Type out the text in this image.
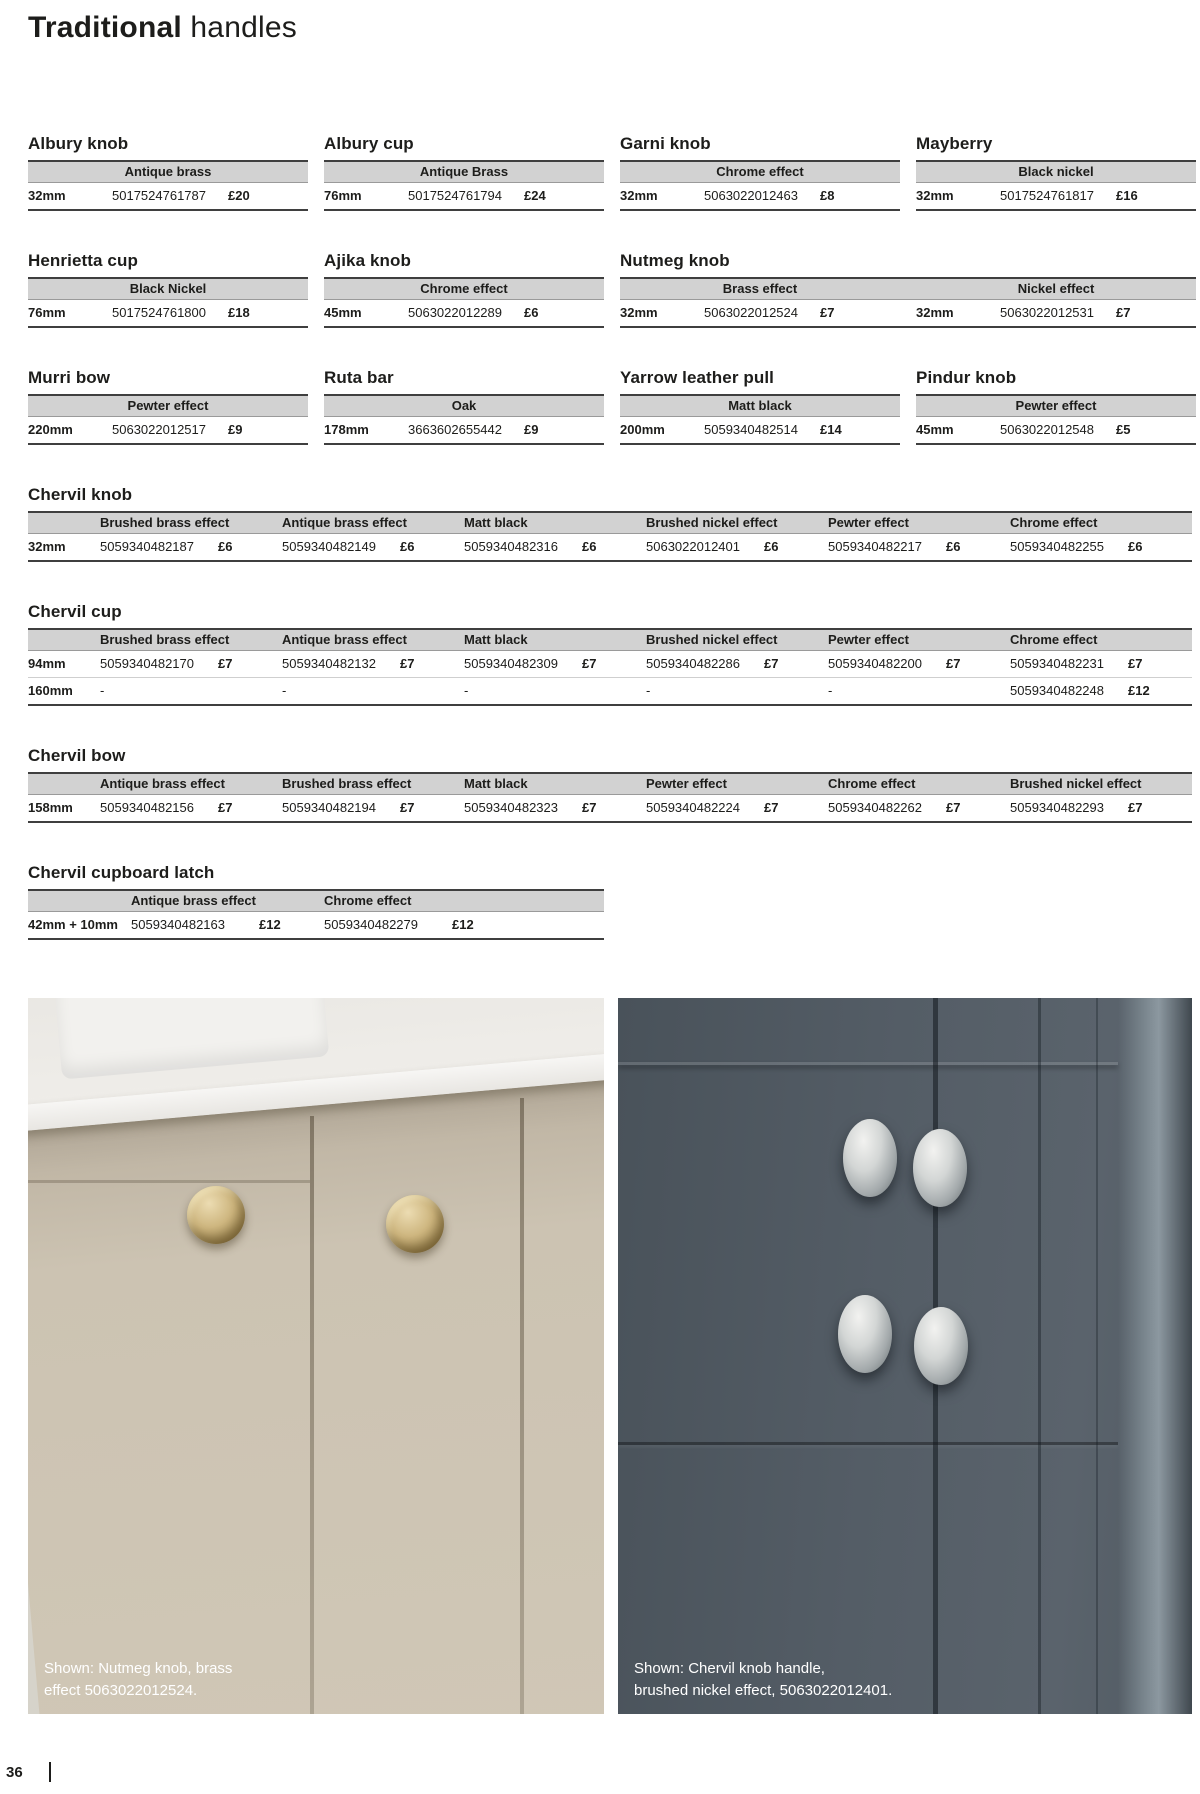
Traditional handles
Albury knob
Antique brass
32mm	5017524761787	£20
Albury cup
Antique Brass
76mm	5017524761794	£24
Garni knob
Chrome effect
32mm	5063022012463	£8
Mayberry
Black nickel
32mm	5017524761817	£16
Henrietta cup
Black Nickel
76mm	5017524761800	£18
Ajika knob
Chrome effect
45mm	5063022012289	£6
Nutmeg knob
Brass effect	Nickel effect
32mm	5063022012524	£7	32mm	5063022012531	£7
Murri bow
Pewter effect
220mm	5063022012517	£9
Ruta bar
Oak
178mm	3663602655442	£9
Yarrow leather pull
Matt black
200mm	5059340482514	£14
Pindur knob
Pewter effect
45mm	5063022012548	£5
Chervil knob
Brushed brass effect	Antique brass effect	Matt black	Brushed nickel effect	Pewter effect	Chrome effect
32mm	5059340482187	£6	5059340482149	£6	5059340482316	£6	5063022012401	£6	5059340482217	£6	5059340482255	£6
Chervil cup
Brushed brass effect	Antique brass effect	Matt black	Brushed nickel effect	Pewter effect	Chrome effect
94mm	5059340482170	£7	5059340482132	£7	5059340482309	£7	5059340482286	£7	5059340482200	£7	5059340482231	£7
160mm	-	-	-	-	-	5059340482248	£12
Chervil bow
Antique brass effect	Brushed brass effect	Matt black	Pewter effect	Chrome effect	Brushed nickel effect
158mm	5059340482156	£7	5059340482194	£7	5059340482323	£7	5059340482224	£7	5059340482262	£7	5059340482293	£7
Chervil cupboard latch
Antique brass effect	Chrome effect
42mm + 10mm	5059340482163	£12	5059340482279	£12
Shown: Nutmeg knob, brass
effect 5063022012524.
Shown: Chervil knob handle,
brushed nickel effect, 5063022012401.
36
